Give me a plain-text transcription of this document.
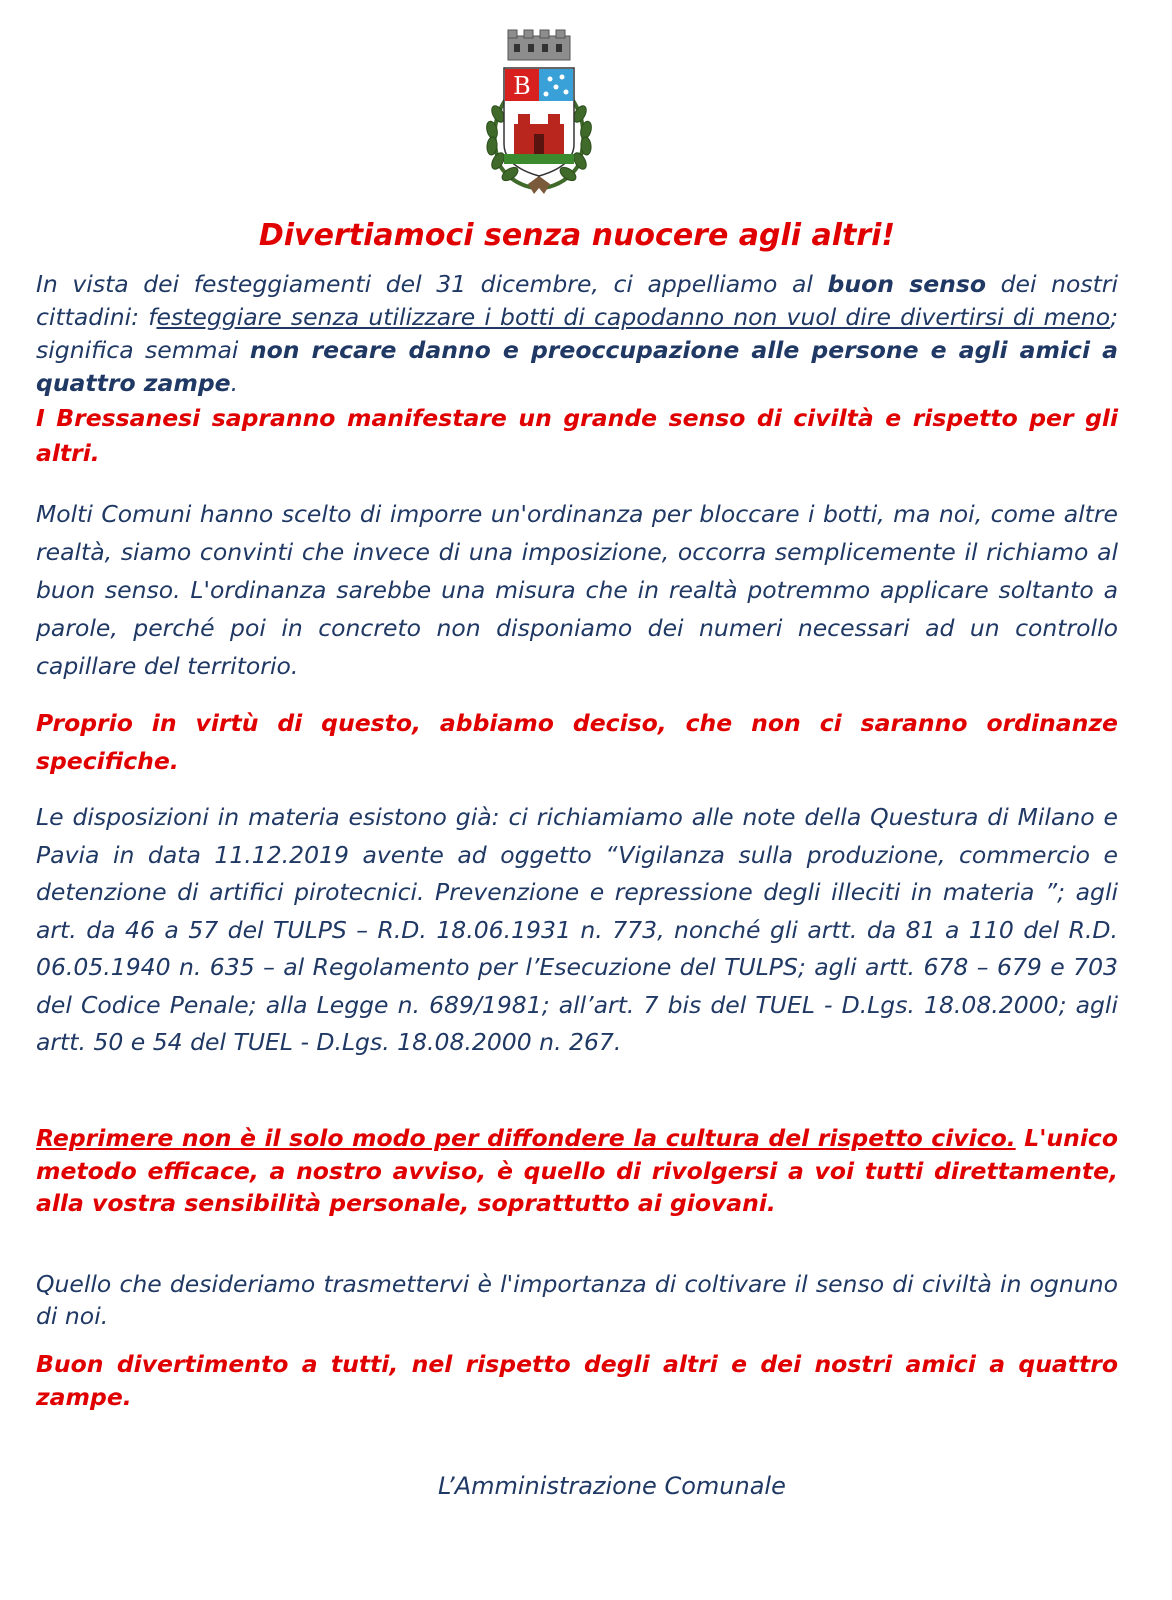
B
Divertiamoci senza nuocere agli altri!
In vista dei festeggiamenti del 31 dicembre, ci appelliamo al buon senso dei nostri cittadini: festeggiare senza utilizzare i botti di capodanno non vuol dire divertirsi di meno; significa semmai non recare danno e preoccupazione alle persone e agli amici a quattro zampe.
I Bressanesi sapranno manifestare un grande senso di civiltà e rispetto per gli altri.
Molti Comuni hanno scelto di imporre un'ordinanza per bloccare i botti, ma noi, come altre realtà, siamo convinti che invece di una imposizione, occorra semplicemente il richiamo al buon senso. L'ordinanza sarebbe una misura che in realtà potremmo applicare soltanto a parole, perché poi in concreto non disponiamo dei numeri necessari ad un controllo capillare del territorio.
Proprio in virtù di questo, abbiamo deciso, che non ci saranno ordinanze specifiche.
Le disposizioni in materia esistono già: ci richiamiamo alle note della Questura di Milano e Pavia in data 11.12.2019 avente ad oggetto “Vigilanza sulla produzione, commercio e detenzione di artifici pirotecnici. Prevenzione e repressione degli illeciti in materia ”; agli art. da 46 a 57 del TULPS – R.D. 18.06.1931 n. 773, nonché gli artt. da 81 a 110 del R.D. 06.05.1940 n. 635 – al Regolamento per l’Esecuzione del TULPS; agli artt. 678 – 679 e 703 del Codice Penale; alla Legge n. 689/1981; all’art. 7 bis del TUEL - D.Lgs. 18.08.2000; agli artt. 50 e 54 del TUEL - D.Lgs. 18.08.2000 n. 267.
Reprimere non è il solo modo per diffondere la cultura del rispetto civico. L'unico metodo efficace, a nostro avviso, è quello di rivolgersi a voi tutti direttamente, alla vostra sensibilità personale, soprattutto ai giovani.
Quello che desideriamo trasmettervi è l'importanza di coltivare il senso di civiltà in ognuno di noi.
Buon divertimento a tutti, nel rispetto degli altri e dei nostri amici a quattro zampe.
L’Amministrazione Comunale
